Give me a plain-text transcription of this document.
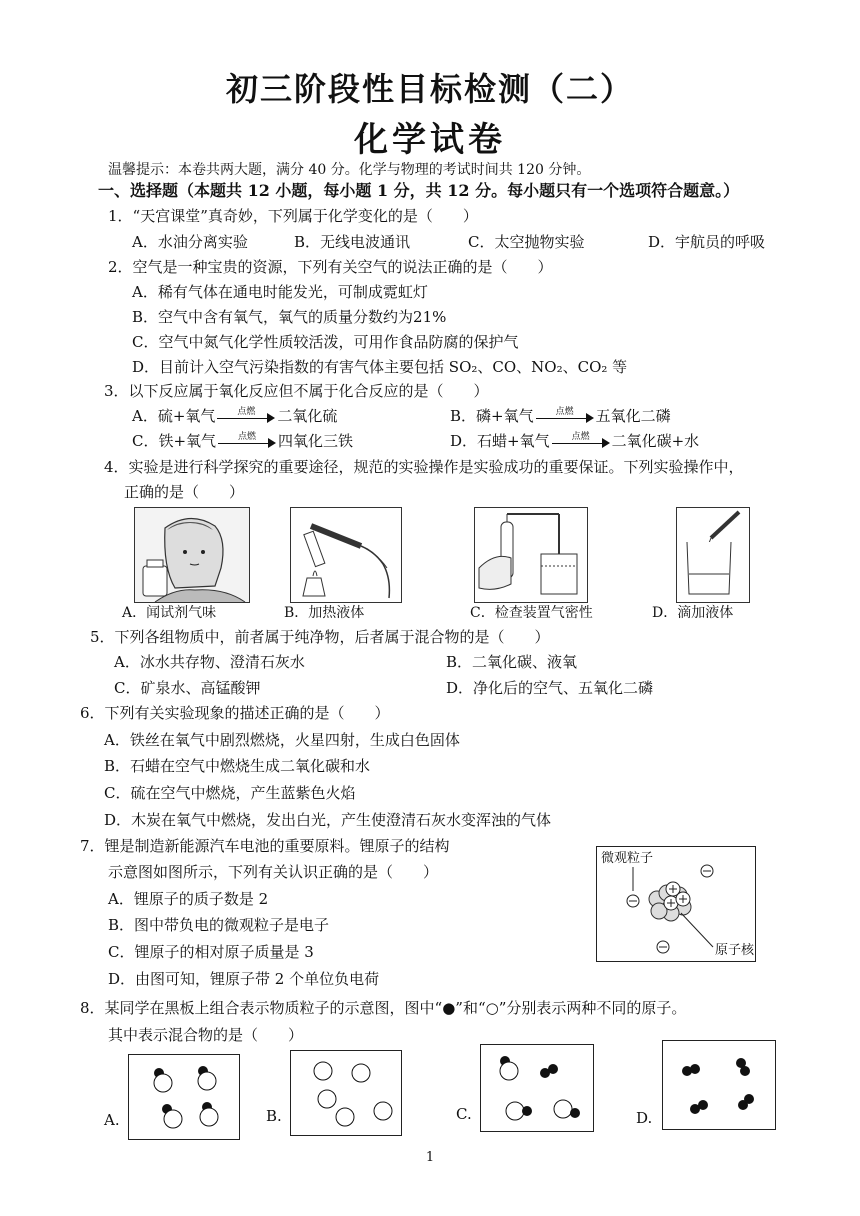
初三阶段性目标检测（二）
化学试卷
温馨提示：本卷共两大题，满分 40 分。化学与物理的考试时间共 120 分钟。
一、选择题（本题共 12 小题，每小题 1 分，共 12 分。每小题只有一个选项符合题意。）
1．“天宫课堂”真奇妙，下列属于化学变化的是（　　）
A．水油分离实验	B．无线电波通讯	C．太空抛物实验	D．宇航员的呼吸
2．空气是一种宝贵的资源，下列有关空气的说法正确的是（　　）
A．稀有气体在通电时能发光，可制成霓虹灯
B．空气中含有氧气，氧气的质量分数约为21%
C．空气中氮气化学性质较活泼，可用作食品防腐的保护气
D．目前计入空气污染指数的有害气体主要包括 SO₂、CO、NO₂、CO₂ 等
3．以下反应属于氧化反应但不属于化合反应的是（　　）
A．硫+氧气	点燃	二氧化硫	B．磷+氧气	点燃	五氧化二磷
C．铁+氧气	点燃	四氧化三铁	D．石蜡+氧气	点燃	二氧化碳+水
4．实验是进行科学探究的重要途径，规范的实验操作是实验成功的重要保证。下列实验操作中，
正确的是（　　）
A．闻试剂气味	B．加热液体	C．检查装置气密性	D．滴加液体
5．下列各组物质中，前者属于纯净物，后者属于混合物的是（　　）
A．冰水共存物、澄清石灰水	B．二氧化碳、液氧
C．矿泉水、高锰酸钾	D．净化后的空气、五氧化二磷
6．下列有关实验现象的描述正确的是（　　）
A．铁丝在氧气中剧烈燃烧，火星四射，生成白色固体
B．石蜡在空气中燃烧生成二氧化碳和水
C．硫在空气中燃烧，产生蓝紫色火焰
D．木炭在氧气中燃烧，发出白光，产生使澄清石灰水变浑浊的气体
7．锂是制造新能源汽车电池的重要原料。锂原子的结构
示意图如图所示，下列有关认识正确的是（　　）
A．锂原子的质子数是 2
B．图中带负电的微观粒子是电子
C．锂原子的相对原子质量是 3
D．由图可知，锂原子带 2 个单位负电荷
微观粒子
原子核
8．某同学在黑板上组合表示物质粒子的示意图，图中“●”和“○”分别表示两种不同的原子。
其中表示混合物的是（　　）
A.	B.	C.	D.
1
